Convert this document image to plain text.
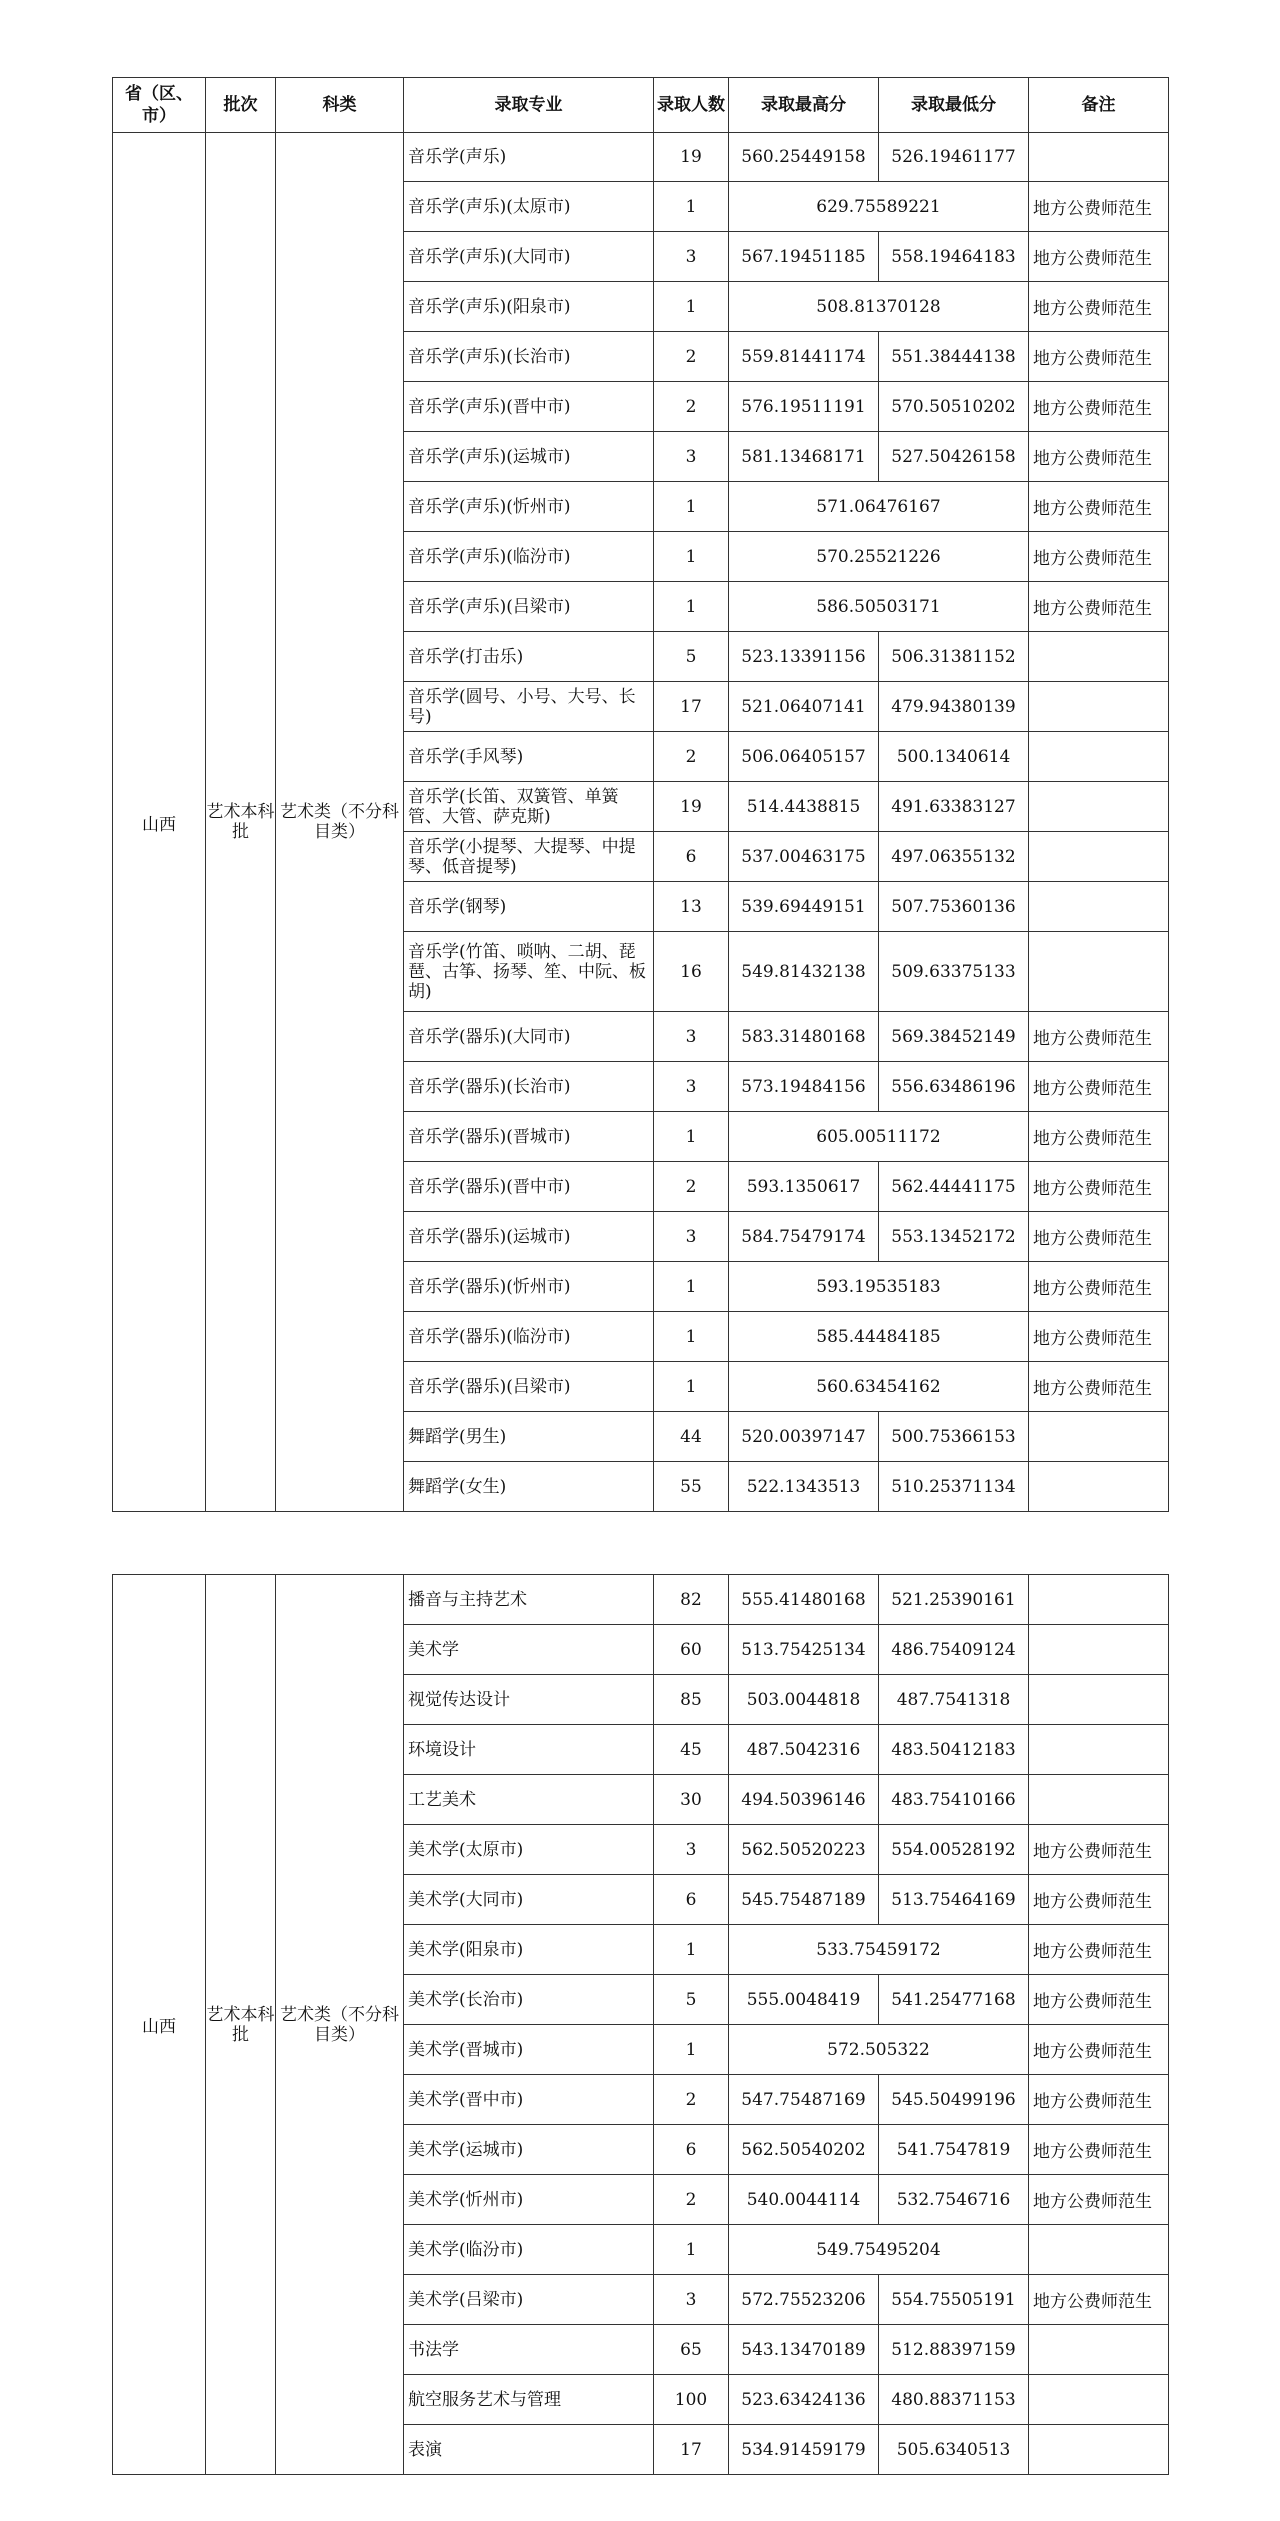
省（区、市）	批次	科类	录取专业	录取人数	录取最高分	录取最低分	备注
山西	艺术本科批	艺术类（不分科目类）	音乐学(声乐)	19	560.25449158	526.19461177	
			音乐学(声乐)(太原市)	1	629.75589221		地方公费师范生
			音乐学(声乐)(大同市)	3	567.19451185	558.19464183	地方公费师范生
			音乐学(声乐)(阳泉市)	1	508.81370128		地方公费师范生
			音乐学(声乐)(长治市)	2	559.81441174	551.38444138	地方公费师范生
			音乐学(声乐)(晋中市)	2	576.19511191	570.50510202	地方公费师范生
			音乐学(声乐)(运城市)	3	581.13468171	527.50426158	地方公费师范生
			音乐学(声乐)(忻州市)	1	571.06476167		地方公费师范生
			音乐学(声乐)(临汾市)	1	570.25521226		地方公费师范生
			音乐学(声乐)(吕梁市)	1	586.50503171		地方公费师范生
			音乐学(打击乐)	5	523.13391156	506.31381152	
			音乐学(圆号、小号、大号、长号)	17	521.06407141	479.94380139	
			音乐学(手风琴)	2	506.06405157	500.1340614	
			音乐学(长笛、双簧管、单簧管、大管、萨克斯)	19	514.4438815	491.63383127	
			音乐学(小提琴、大提琴、中提琴、低音提琴)	6	537.00463175	497.06355132	
			音乐学(钢琴)	13	539.69449151	507.75360136	
			音乐学(竹笛、唢呐、二胡、琵琶、古筝、扬琴、笙、中阮、板胡)	16	549.81432138	509.63375133	
			音乐学(器乐)(大同市)	3	583.31480168	569.38452149	地方公费师范生
			音乐学(器乐)(长治市)	3	573.19484156	556.63486196	地方公费师范生
			音乐学(器乐)(晋城市)	1	605.00511172		地方公费师范生
			音乐学(器乐)(晋中市)	2	593.1350617	562.44441175	地方公费师范生
			音乐学(器乐)(运城市)	3	584.75479174	553.13452172	地方公费师范生
			音乐学(器乐)(忻州市)	1	593.19535183		地方公费师范生
			音乐学(器乐)(临汾市)	1	585.44484185		地方公费师范生
			音乐学(器乐)(吕梁市)	1	560.63454162		地方公费师范生
			舞蹈学(男生)	44	520.00397147	500.75366153	
			舞蹈学(女生)	55	522.1343513	510.25371134	
山西	艺术本科批	艺术类（不分科目类）	播音与主持艺术	82	555.41480168	521.25390161	
			美术学	60	513.75425134	486.75409124	
			视觉传达设计	85	503.0044818	487.7541318	
			环境设计	45	487.5042316	483.50412183	
			工艺美术	30	494.50396146	483.75410166	
			美术学(太原市)	3	562.50520223	554.00528192	地方公费师范生
			美术学(大同市)	6	545.75487189	513.75464169	地方公费师范生
			美术学(阳泉市)	1	533.75459172		地方公费师范生
			美术学(长治市)	5	555.0048419	541.25477168	地方公费师范生
			美术学(晋城市)	1	572.505322		地方公费师范生
			美术学(晋中市)	2	547.75487169	545.50499196	地方公费师范生
			美术学(运城市)	6	562.50540202	541.7547819	地方公费师范生
			美术学(忻州市)	2	540.0044114	532.7546716	地方公费师范生
			美术学(临汾市)	1	549.75495204		
			美术学(吕梁市)	3	572.75523206	554.75505191	地方公费师范生
			书法学	65	543.13470189	512.88397159	
			航空服务艺术与管理	100	523.63424136	480.88371153	
			表演	17	534.91459179	505.6340513	
